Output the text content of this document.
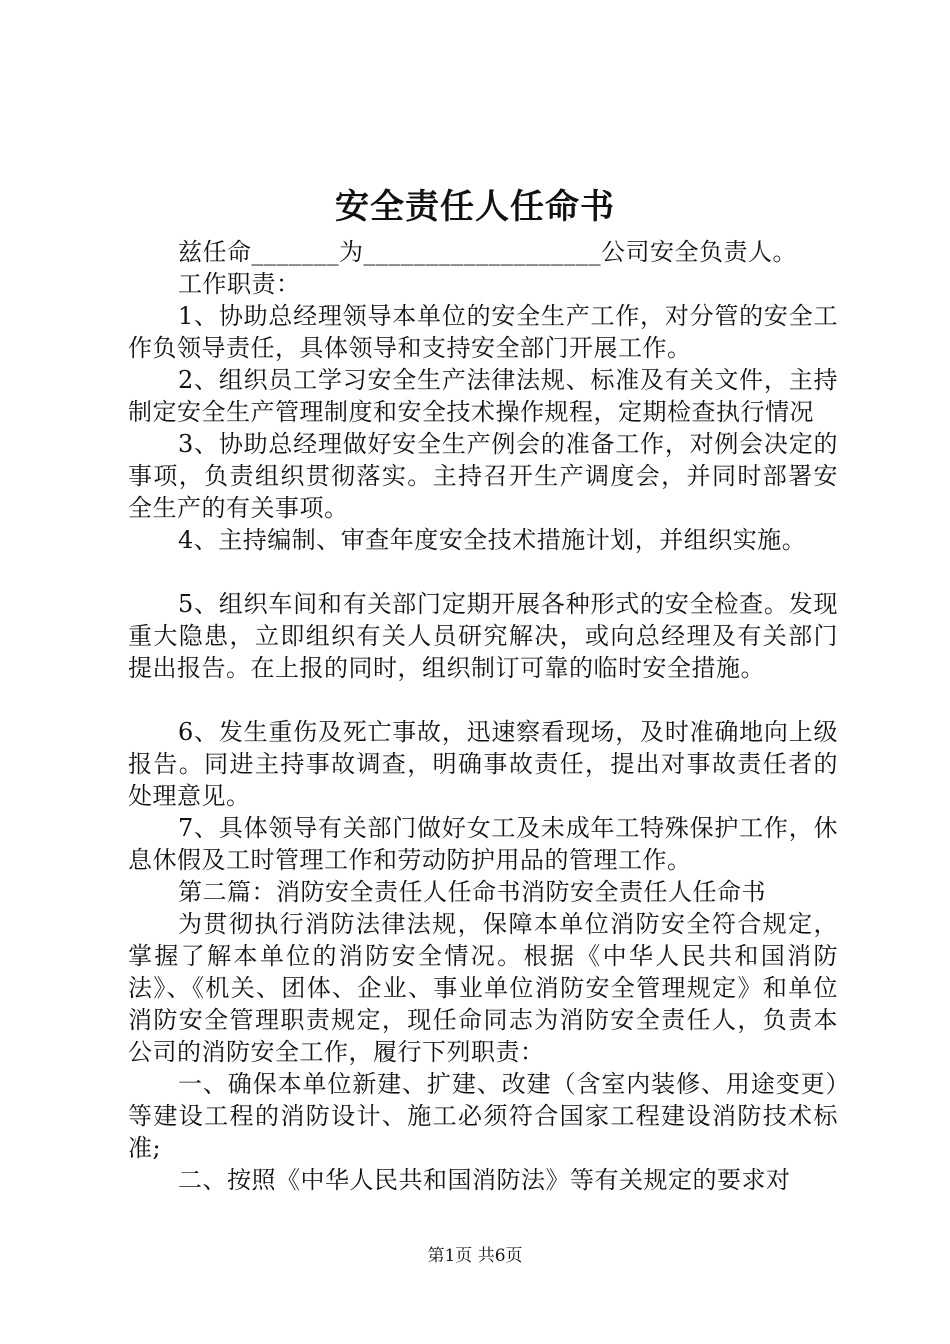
安全责任人任命书

兹任命_______为___________________公司安全负责人。

工作职责：

1、协助总经理领导本单位的安全生产工作，对分管的安全工作负领导责任，具体领导和支持安全部门开展工作。

2、组织员工学习安全生产法律法规、标准及有关文件，主持制定安全生产管理制度和安全技术操作规程，定期检查执行情况

3、协助总经理做好安全生产例会的准备工作，对例会决定的事项，负责组织贯彻落实。主持召开生产调度会，并同时部署安全生产的有关事项。

4、主持编制、审查年度安全技术措施计划，并组织实施。

5、组织车间和有关部门定期开展各种形式的安全检查。发现重大隐患，立即组织有关人员研究解决，或向总经理及有关部门提出报告。在上报的同时，组织制订可靠的临时安全措施。

6、发生重伤及死亡事故，迅速察看现场，及时准确地向上级报告。同进主持事故调查，明确事故责任，提出对事故责任者的处理意见。

7、具体领导有关部门做好女工及未成年工特殊保护工作，休息休假及工时管理工作和劳动防护用品的管理工作。

第二篇：消防安全责任人任命书消防安全责任人任命书

为贯彻执行消防法律法规，保障本单位消防安全符合规定，掌握了解本单位的消防安全情况。根据《中华人民共和国消防法》、《机关、团体、企业、事业单位消防安全管理规定》和单位消防安全管理职责规定，现任命同志为消防安全责任人，负责本公司的消防安全工作，履行下列职责：

一、确保本单位新建、扩建、改建（含室内装修、用途变更）等建设工程的消防设计、施工必须符合国家工程建设消防技术标准;

二、按照《中华人民共和国消防法》等有关规定的要求对

第1页 共6页
